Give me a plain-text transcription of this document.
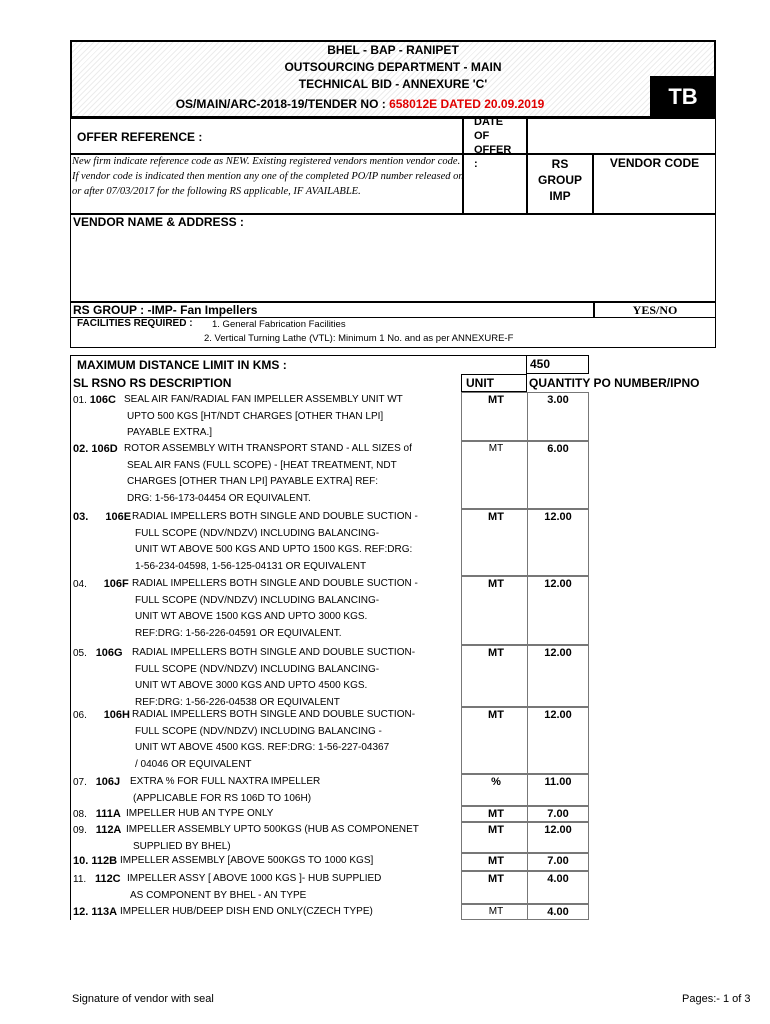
BHEL - BAP - RANIPET
OUTSOURCING DEPARTMENT - MAIN
TECHNICAL BID - ANNEXURE 'C'
OS/MAIN/ARC-2018-19/TENDER NO : 658012E DATED 20.09.2019	TB
OFFER REFERENCE :
DATE OF OFFER :
New firm indicate reference code as NEW. Existing registered vendors mention vendor code. If vendor code is indicated then mention any one of the completed PO/IP number released on or after 07/03/2017 for the following RS applicable, IF AVAILABLE.
RS
GROUP
IMP
VENDOR CODE
VENDOR NAME & ADDRESS :
RS GROUP : -IMP- Fan Impellers	YES/NO
FACILITIES REQUIRED : 1. General Fabrication Facilities
2. Vertical Turning Lathe (VTL): Minimum 1 No. and as per ANNEXURE-F
MAXIMUM DISTANCE LIMIT IN KMS :	450
SL RSNO RS DESCRIPTION	UNIT	QUANTITY PO NUMBER/IPNO
01. 106C SEAL AIR FAN/RADIAL FAN IMPELLER ASSEMBLY UNIT WT
UPTO 500 KGS [HT/NDT CHARGES [OTHER THAN LPI]
PAYABLE EXTRA.]
MT	3.00
02. 106D ROTOR ASSEMBLY WITH TRANSPORT STAND - ALL SIZES of
SEAL AIR FANS (FULL SCOPE) - [HEAT TREATMENT, NDT
CHARGES [OTHER THAN LPI] PAYABLE EXTRA] REF:
DRG: 1-56-173-04454 OR EQUIVALENT.
MT	6.00
03. 106E RADIAL IMPELLERS BOTH SINGLE AND DOUBLE SUCTION -
FULL SCOPE (NDV/NDZV) INCLUDING BALANCING-
UNIT WT ABOVE 500 KGS AND UPTO 1500 KGS. REF:DRG:
1-56-234-04598, 1-56-125-04131 OR EQUIVALENT
MT	12.00
04. 106F RADIAL IMPELLERS BOTH SINGLE AND DOUBLE SUCTION -
FULL SCOPE (NDV/NDZV) INCLUDING BALANCING-
UNIT WT ABOVE 1500 KGS AND UPTO 3000 KGS.
REF:DRG: 1-56-226-04591 OR EQUIVALENT.
MT	12.00
05. 106G RADIAL IMPELLERS BOTH SINGLE AND DOUBLE SUCTION-
FULL SCOPE (NDV/NDZV) INCLUDING BALANCING-
UNIT WT ABOVE 3000 KGS AND UPTO 4500 KGS.
REF:DRG: 1-56-226-04538 OR EQUIVALENT
MT	12.00
06. 106H RADIAL IMPELLERS BOTH SINGLE AND DOUBLE SUCTION-
FULL SCOPE (NDV/NDZV) INCLUDING BALANCING -
UNIT WT ABOVE 4500 KGS. REF:DRG: 1-56-227-04367
/ 04046 OR EQUIVALENT
MT	12.00
07. 106J EXTRA % FOR FULL NAXTRA IMPELLER
(APPLICABLE FOR RS 106D TO 106H)
%	11.00
08. 111A IMPELLER HUB AN TYPE ONLY	MT	7.00
09. 112A IMPELLER ASSEMBLY UPTO 500KGS (HUB AS COMPONENET
SUPPLIED BY BHEL)
MT	12.00
10. 112B IMPELLER ASSEMBLY [ABOVE 500KGS TO 1000 KGS]	MT	7.00
11. 112C IMPELLER ASSY [ ABOVE 1000 KGS ]- HUB SUPPLIED
AS COMPONENT BY BHEL - AN TYPE
MT	4.00
12. 113A IMPELLER HUB/DEEP DISH END ONLY(CZECH TYPE)	MT	4.00
Signature of vendor with seal	Pages:- 1 of 3
